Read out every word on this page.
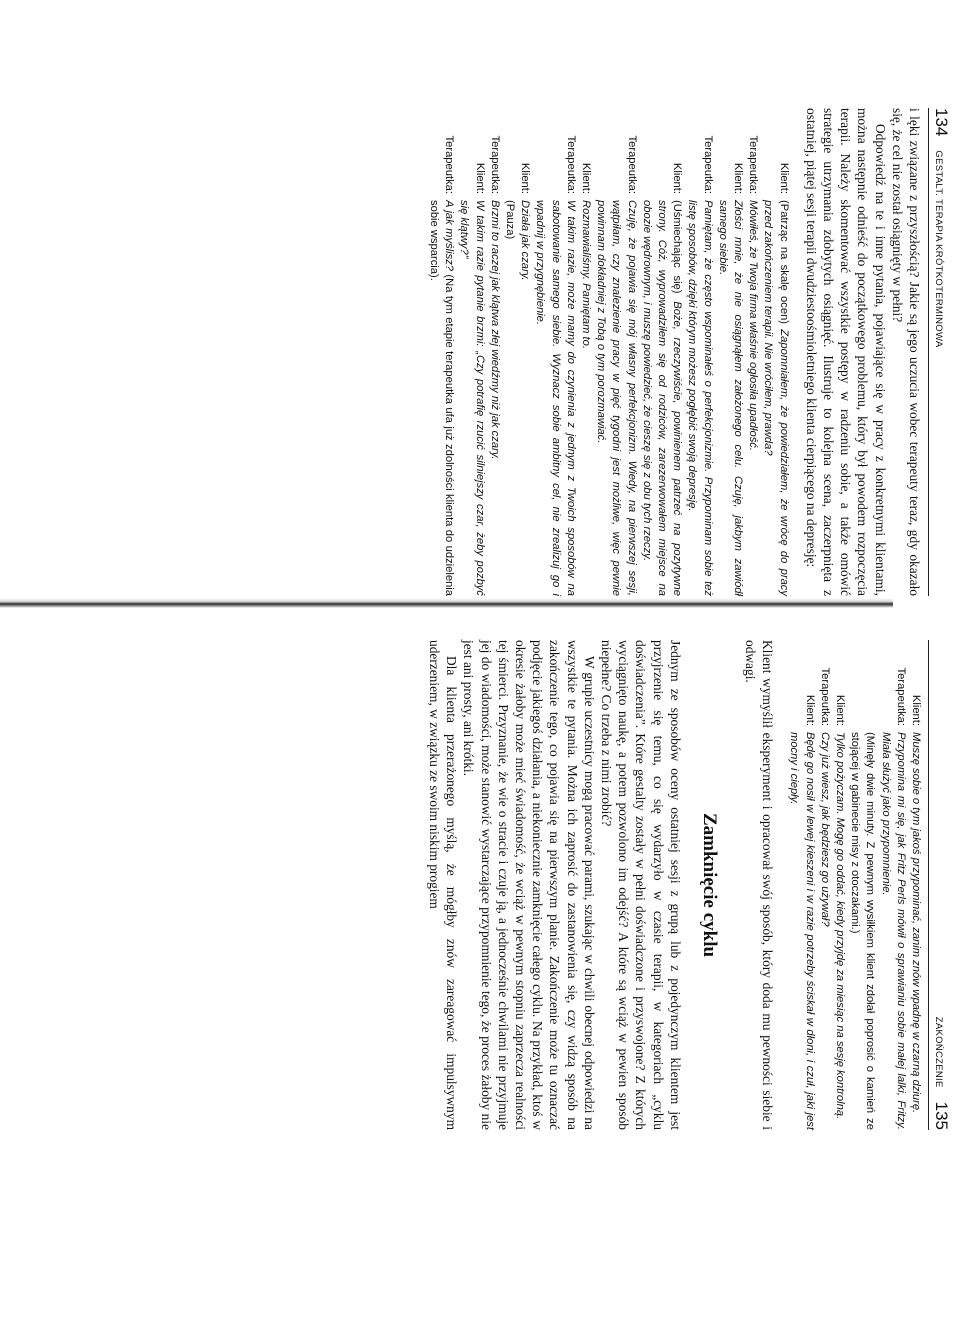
134
GESTALT. TERAPIA KRÓTKOTERMINOWA

i lęki związane z przyszłością? Jakie są jego uczucia wobec terapeuty teraz, gdy okazało się, że cel nie został osiągnięty w pełni?

Odpowiedź na te i inne pytania, pojawiające się w pracy z konkretnymi klientami, można następnie odnieść do początkowego problemu, który był powodem rozpoczęcia terapii. Należy skomentować wszystkie postępy w radzeniu sobie, a także omówić strategie utrzymania zdobytych osiągnięć. Ilustruje to kolejna scena, zaczerpnięta z ostatniej, piątej sesji terapii dwudziestoośmioletniego klienta cierpiącego na depresję:

Klient:
(Patrząc na skalę ocen) Zapomniałem, że powiedziałem, że wrócę do pracy przed zakończeniem terapii. Nie wróciłem, prawda?
Terapeutka:
Mówiłeś, że Twoja firma właśnie ogłosiła upadłość.
Klient:
Złości mnie, że nie osiągnąłem założonego celu. Czuję, jakbym zawiódł samego siebie.
Terapeutka:
Pamiętam, że często wspominałeś o perfekcjonizmie. Przypominam sobie też listę sposobów, dzięki którym możesz pogłębić swoją depresję.
Klient:
(Uśmiechając się) Boże, rzeczywiście, powinienem patrzeć na pozytywne strony. Cóż, wyprowadziłem się od rodziców, zarezerwowałem miejsce na obozie wędrownym, i muszę powiedzieć, że cieszę się z obu tych rzeczy.
Terapeutka:
Czuję, że pojawia się mój własny perfekcjonizm. Wiedy, na pierwszej sesji, wątpiłam, czy znalezienie pracy w pięć tygodni jest możliwe, więc pewnie powinnam dokładniej z Tobą o tym porozmawiać.
Klient:
Rozmawialiśmy. Pamiętam to.
Terapeutka:
W takim razie, może mamy do czynienia z jednym z Twoich sposobów na sabotowanie samego siebie. Wyznacz sobie ambitny cel, nie zrealizuj go i wpadnij w przygnębienie.
Klient:
Działa jak czary.
(Pauza)
Terapeutka:
Brzmi to raczej jak klątwa złej wiedźmy niż jak czary.
Klient:
W takim razie pytanie brzmi: „Czy potrafię rzucić silniejszy czar, żeby pozbyć się klątwy?”
Terapeutka:
A jak myślisz? (Na tym etapie terapeutka ufa już zdolności klienta do udzielenia sobie wsparcia).
ZAKOŃCZENIE
135
Klient:
Muszę sobie o tym jakoś przypominać, zanim znów wpadnę w czarną dziurę.
Terapeutka:
Przypomina mi się, jak Fritz Perls mówił o sprawianiu sobie małej lalki, Fritzy. Miała służyć jako przypomnienie.
(Minęły dwie minuty. Z pewnym wysiłkiem klient zdołał poprosić o kamień ze stojącej w gabinecie misy z otoczakami.)
Klient:
Tylko pożyczam. Mogę go oddać, kiedy przyjdę za miesiąc na sesję kontrolną.
Terapeutka:
Czy już wiesz, jak będziesz go używał?
Klient:
Będę go nosił w lewej kieszeni i w razie potrzeby ściskał w dłoni, i czuł, jaki jest mocny i ciepły.

Klient wymyślił eksperyment i opracował swój sposób, który doda mu pewności siebie i odwagi.

Zamknięcie cyklu

Jednym ze sposobów oceny ostatniej sesji z grupą lub z pojedynczym klientem jest przyjrzenie się temu, co się wydarzyło w czasie terapii, w kategoriach „cyklu doświadczenia”. Które gestalty zostały w pełni doświadczone i przyswojone? Z których wyciągnięto naukę, a potem pozwolono im odejść? A które są wciąż w pewien sposób niepełne? Co trzeba z nimi zrobić?

W grupie uczestnicy mogą pracować parami, szukając w chwili obecnej odpowiedzi na wszystkie te pytania. Można ich zaprosić do zastanowienia się, czy widzą sposób na zakończenie tego, co pojawia się na pierwszym planie. Zakończenie może tu oznaczać podjęcie jakiegoś działania, a niekoniecznie zamknięcie całego cyklu. Na przykład, ktoś w okresie żałoby może mieć świadomość, że wciąż w pewnym stopniu zaprzecza realności tej śmierci. Przyznanie, że wie o stracie i czuje ją, a jednocześnie chwilami nie przyjmuje jej do wiadomości, może stanowić wystarczające przypomnienie tego, że proces żałoby nie jest ani prosty, ani krótki.

Dla klienta przerażonego myślą, że mógłby znów zareagować impulsywnym uderzeniem, w związku ze swoim niskim progiem
